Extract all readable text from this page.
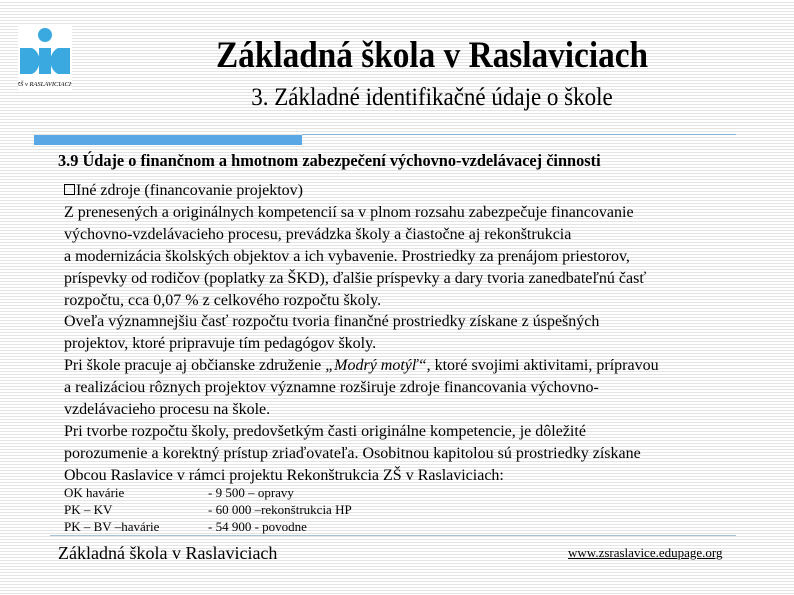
ZŠ v RASLAVICIACH
Základná škola v Raslaviciach
3. Základné identifikačné údaje o škole
3.9 Údaje o finančnom a hmotnom zabezpečení výchovno-vzdelávacej činnosti
Iné zdroje (financovanie projektov)
Z prenesených a originálnych kompetencií sa v plnom rozsahu zabezpečuje financovanie
výchovno-vzdelávacieho procesu, prevádzka školy a čiastočne aj rekonštrukcia
a modernizácia školských objektov a ich vybavenie. Prostriedky za prenájom priestorov,
príspevky od rodičov (poplatky za ŠKD), ďalšie príspevky a dary tvoria zanedbateľnú časť
rozpočtu, cca 0,07 % z celkového rozpočtu školy.
Oveľa významnejšiu časť rozpočtu tvoria finančné prostriedky získane z úspešných
projektov, ktoré pripravuje tím pedagógov školy.
Pri škole pracuje aj občianske združenie „Modrý motýľ“, ktoré svojimi aktivitami, prípravou
a realizáciou rôznych projektov významne rozširuje zdroje financovania výchovno-
vzdelávacieho procesu na škole.
Pri tvorbe rozpočtu školy, predovšetkým časti originálne kompetencie, je dôležité
porozumenie a korektný prístup zriaďovateľa. Osobitnou kapitolou sú prostriedky získane
Obcou Raslavice v rámci projektu Rekonštrukcia ZŠ v Raslaviciach:
OK havárie	- 9 500 – opravy
PK – KV	- 60 000 –rekonštrukcia HP
PK – BV –havárie	- 54 900 - povodne
Základná škola v Raslaviciach	www.zsraslavice.edupage.org
